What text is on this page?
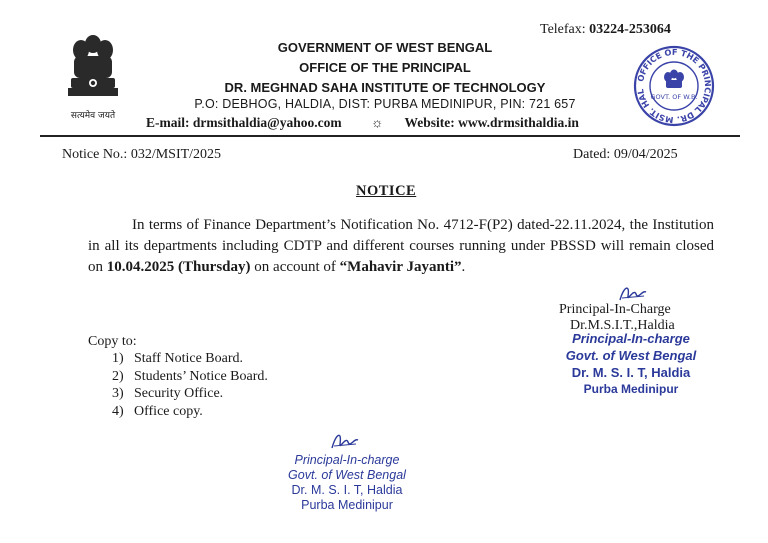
Telefax: 03224-253064
सत्यमेव जयते
GOVERNMENT OF WEST BENGAL
OFFICE OF THE PRINCIPAL
DR. MEGHNAD SAHA INSTITUTE OF TECHNOLOGY
P.O: DEBHOG, HALDIA, DIST: PURBA MEDINIPUR, PIN: 721 657
E-mail: drmsithaldia@yahoo.com ☼ Website: www.drmsithaldia.in
OFFICE OF THE PRINCIPAL DR. MSIT. HAL
GOVT. OF W.B.
Notice No.: 032/MSIT/2025	Dated: 09/04/2025
NOTICE
In terms of Finance Department’s Notification No. 4712-F(P2) dated-22.11.2024, the Institution in all its departments including CDTP and different courses running under PBSSD will remain closed on 10.04.2025 (Thursday) on account of “Mahavir Jayanti”.
Principal-In-Charge
Dr.M.S.I.T.,Haldia
Principal-In-charge
Govt. of West Bengal
Dr. M. S. I. T, Haldia
Purba Medinipur
Copy to:
1) Staff Notice Board.
2) Students’ Notice Board.
3) Security Office.
4) Office copy.
Principal-In-charge
Govt. of West Bengal
Dr. M. S. I. T, Haldia
Purba Medinipur
